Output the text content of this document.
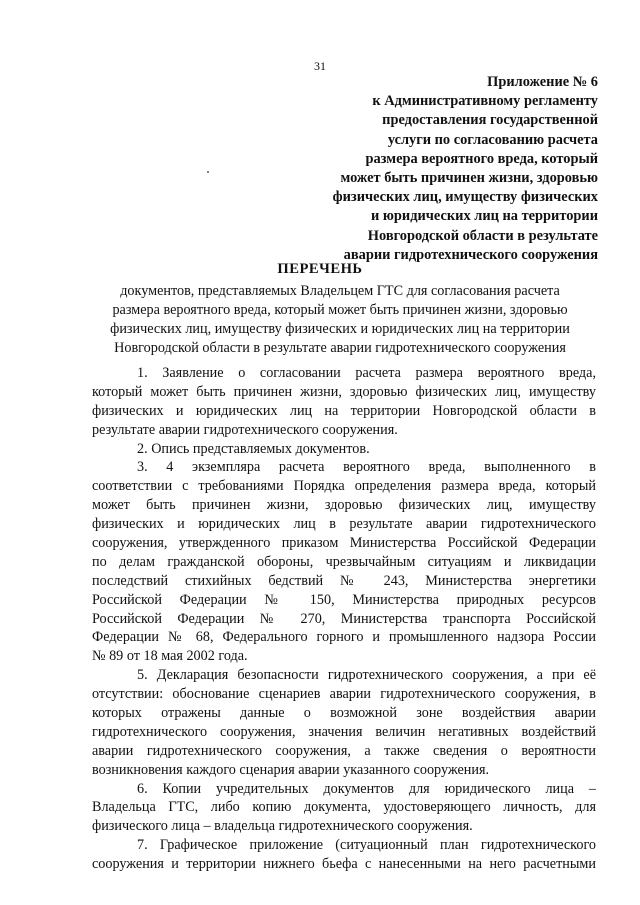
31
Приложение № 6
к Административному регламенту
предоставления государственной
услуги по согласованию расчета
размера вероятного вреда, который
может быть причинен жизни, здоровью
физических лиц, имуществу физических
и юридических лиц на территории
Новгородской области в результате
аварии гидротехнического сооружения
ПЕРЕЧЕНЬ
документов, представляемых Владельцем ГТС для согласования расчета
размера вероятного вреда, который может быть причинен жизни, здоровью
физических лиц, имуществу физических и юридических лиц на территории
Новгородской области в результате аварии гидротехнического сооружения
1. Заявление о согласовании расчета размера вероятного вреда,
который может быть причинен жизни, здоровью физических лиц, имуществу
физических и юридических лиц на территории Новгородской области в
результате аварии гидротехнического сооружения.
2. Опись представляемых документов.
3. 4 экземпляра расчета вероятного вреда, выполненного в
соответствии с требованиями Порядка определения размера вреда, который
может быть причинен жизни, здоровью физических лиц, имуществу
физических и юридических лиц в результате аварии гидротехнического
сооружения, утвержденного приказом Министерства Российской Федерации
по делам гражданской обороны, чрезвычайным ситуациям и ликвидации
последствий стихийных бедствий № 243, Министерства энергетики
Российской Федерации № 150, Министерства природных ресурсов
Российской Федерации № 270, Министерства транспорта Российской
Федерации № 68, Федерального горного и промышленного надзора России
№ 89 от 18 мая 2002 года.
5. Декларация безопасности гидротехнического сооружения, а при её
отсутствии: обоснование сценариев аварии гидротехнического сооружения, в
которых отражены данные о возможной зоне воздействия аварии
гидротехнического сооружения, значения величин негативных воздействий
аварии гидротехнического сооружения, а также сведения о вероятности
возникновения каждого сценария аварии указанного сооружения.
6. Копии учредительных документов для юридического лица –
Владельца ГТС, либо копию документа, удостоверяющего личность, для
физического лица – владельца гидротехнического сооружения.
7. Графическое приложение (ситуационный план гидротехнического
сооружения и территории нижнего бьефа с нанесенными на него расчетными
